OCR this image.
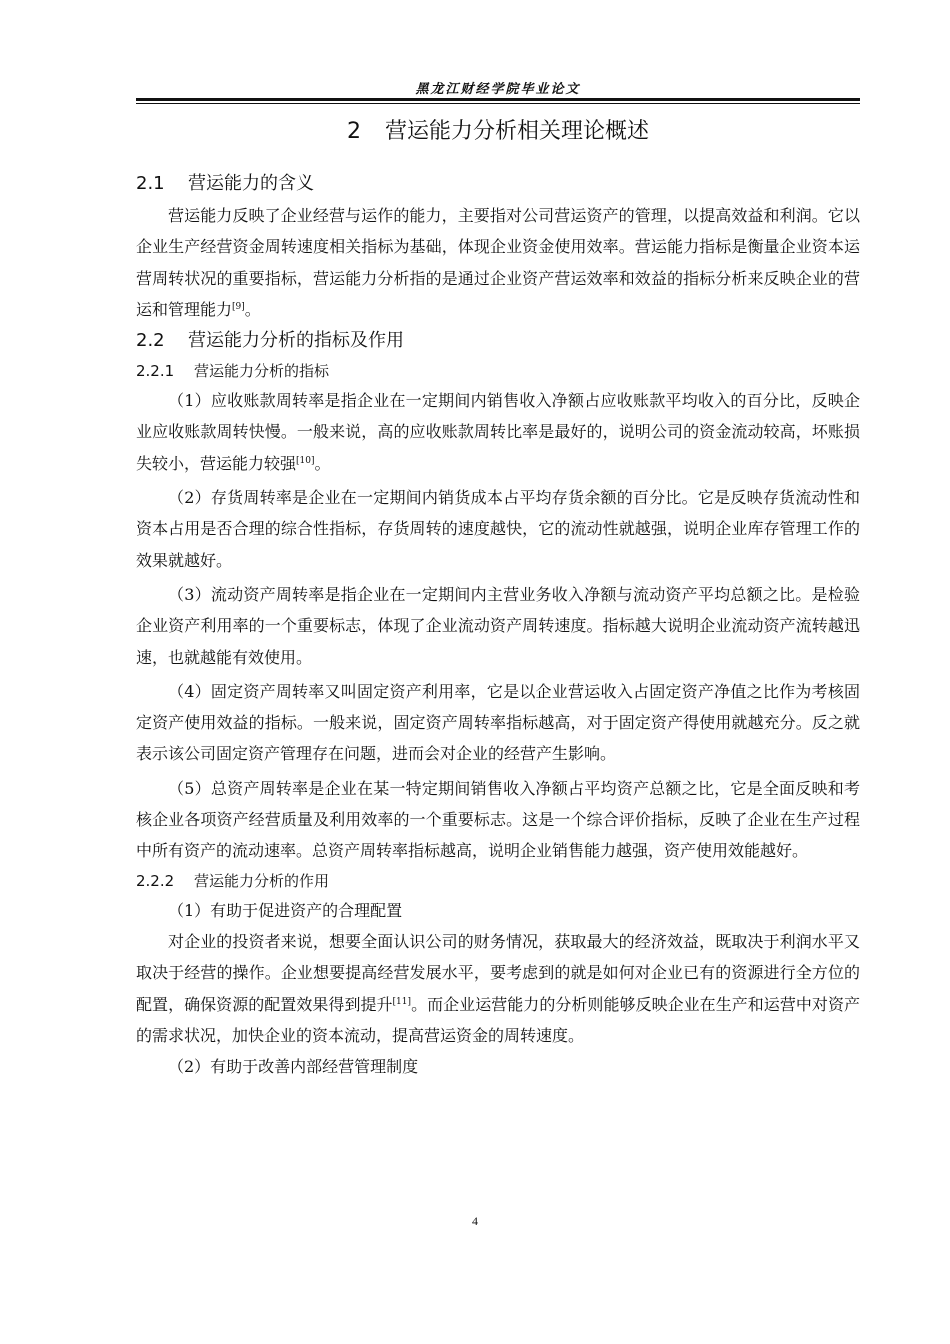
黑龙江财经学院毕业论文
2 营运能力分析相关理论概述
2.1 营运能力的含义

营运能力反映了企业经营与运作的能力，主要指对公司营运资产的管理，以提高效益和利润。它以企业生产经营资金周转速度相关指标为基础，体现企业资金使用效率。营运能力指标是衡量企业资本运营周转状况的重要指标，营运能力分析指的是通过企业资产营运效率和效益的指标分析来反映企业的营运和管理能力[9]。

2.2 营运能力分析的指标及作用
2.2.1 营运能力分析的指标

（1）应收账款周转率是指企业在一定期间内销售收入净额占应收账款平均收入的百分比，反映企业应收账款周转快慢。一般来说，高的应收账款周转比率是最好的，说明公司的资金流动较高，坏账损失较小，营运能力较强[10]。

（2）存货周转率是企业在一定期间内销货成本占平均存货余额的百分比。它是反映存货流动性和资本占用是否合理的综合性指标，存货周转的速度越快，它的流动性就越强，说明企业库存管理工作的效果就越好。

（3）流动资产周转率是指企业在一定期间内主营业务收入净额与流动资产平均总额之比。是检验企业资产利用率的一个重要标志，体现了企业流动资产周转速度。指标越大说明企业流动资产流转越迅速，也就越能有效使用。

（4）固定资产周转率又叫固定资产利用率，它是以企业营运收入占固定资产净值之比作为考核固定资产使用效益的指标。一般来说，固定资产周转率指标越高，对于固定资产得使用就越充分。反之就表示该公司固定资产管理存在问题，进而会对企业的经营产生影响。

（5）总资产周转率是企业在某一特定期间销售收入净额占平均资产总额之比，它是全面反映和考核企业各项资产经营质量及利用效率的一个重要标志。这是一个综合评价指标，反映了企业在生产过程中所有资产的流动速率。总资产周转率指标越高，说明企业销售能力越强，资产使用效能越好。

2.2.2 营运能力分析的作用

（1）有助于促进资产的合理配置

对企业的投资者来说，想要全面认识公司的财务情况，获取最大的经济效益，既取决于利润水平又取决于经营的操作。企业想要提高经营发展水平，要考虑到的就是如何对企业已有的资源进行全方位的配置，确保资源的配置效果得到提升[11]。而企业运营能力的分析则能够反映企业在生产和运营中对资产的需求状况，加快企业的资本流动，提高营运资金的周转速度。

（2）有助于改善内部经营管理制度

4
